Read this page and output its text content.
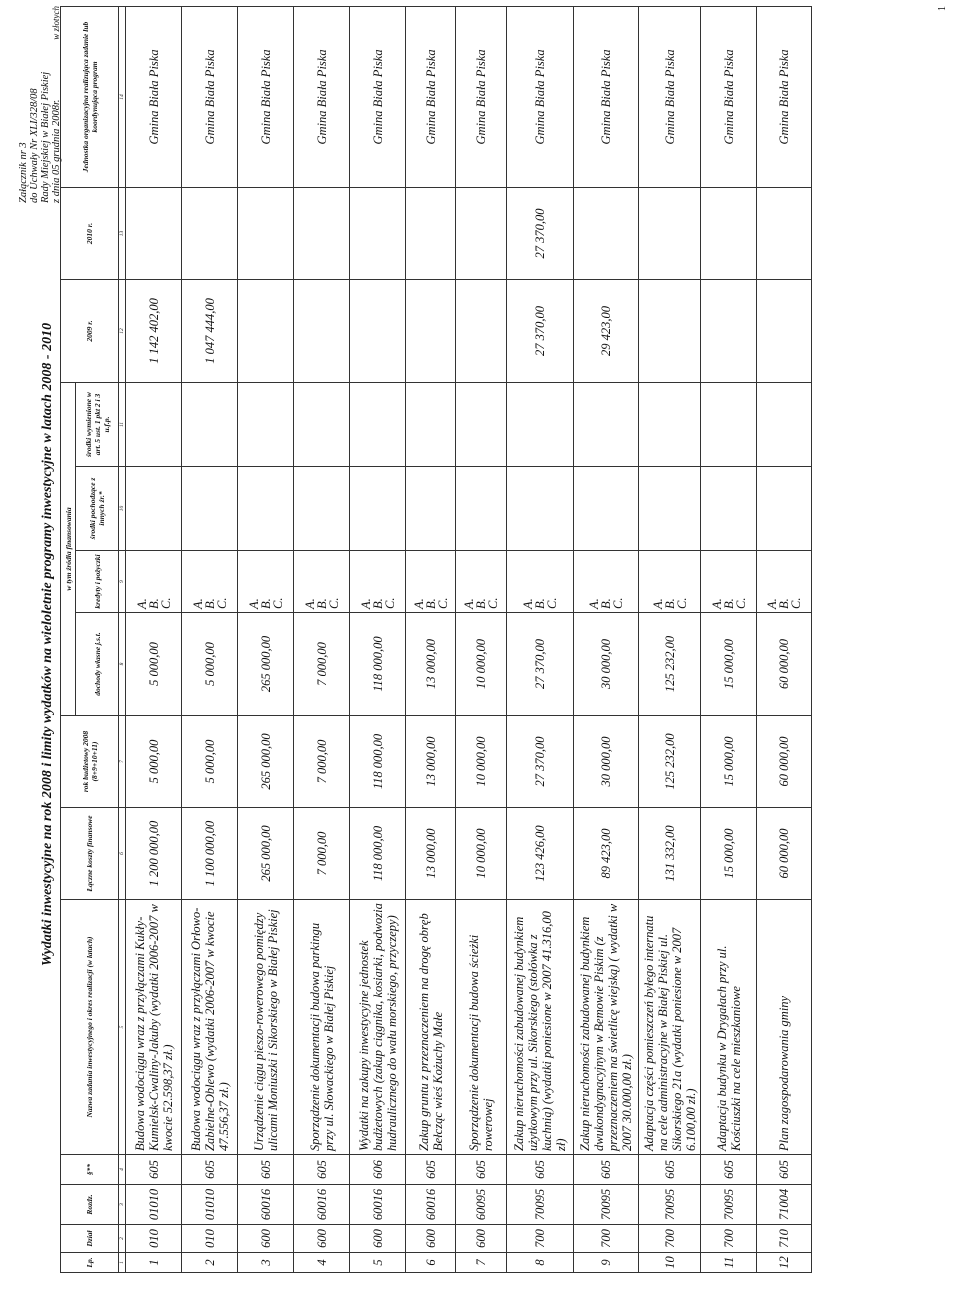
Załącznik nr 3 do Uchwały Nr XLI/328/08 Rady Miejskiej w Białej Piskiej z dnia 05 grudnia 2008r.
Wydatki inwestycyjne na rok 2008 i limity wydatków na wieloletnie programy inwestycyjne w latach 2008 - 2010
w złotych
Lp.	Dział	Rozdz.	§**	Nazwa zadania inwestycyjnego i okres realizacji (w latach)	Łączne koszty finansowe	rok budżetowy 2008 (8+9+10+11)	w tym źródła finansowania				2009 r.	2010 r.	Jednostka organizacyjna realizująca zadanie lub koordynująca program
							dochody własne j.s.t.	kredyty i pożyczki	środki pochodzące z innych źr.*	środki wymienione w art. 5 ust. 1 pkt 2 i 3 u.f.p.			
1	2	3	4	5	6	7	8	9	10	11	12	13	14
1	010	01010	605	Budowa wodociągu wraz z przyłączami Kukły-Kumielsk-Cwaliny-Jakuby (wydatki 2006-2007 w kwocie 52.598,37 zł.)	1 200 000,00	5 000,00	5 000,00	A.
B.
C.			1 142 402,00		Gmina Biała Piska
2	010	01010	605	Budowa wodociągu wraz z przyłączami Orłowo-Zabielne-Oblewo (wydatki 2006-2007 w kwocie 47.556,37 zł.)	1 100 000,00	5 000,00	5 000,00	A.
B.
C.			1 047 444,00		Gmina Biała Piska
3	600	60016	605	Urządzenie ciągu pieszo-rowerowego pomiędzy ulicami Moniuszki i Sikorskiego w Białej Piskiej	265 000,00	265 000,00	265 000,00	A.
B.
C.					Gmina Biała Piska
4	600	60016	605	Sporządzenie dokumentacji budowa parkingu przy ul. Słowackiego w Białej Piskiej	7 000,00	7 000,00	7 000,00	A.
B.
C.					Gmina Biała Piska
5	600	60016	606	Wydatki na zakupy inwestycyjne jednostek budżetowych (zakup ciągnika, kosiarki, podwozia hudraulicznego do wału morskiego, przyczepy)	118 000,00	118 000,00	118 000,00	A.
B.
C.					Gmina Biała Piska
6	600	60016	605	Zakup gruntu z przeznaczeniem na drogę obręb Bełcząc wieś Kożuchy Małe	13 000,00	13 000,00	13 000,00	A.
B.
C.					Gmina Biała Piska
7	600	60095	605	Sporządzenie dokumentacji budowa ścieżki rowerowej	10 000,00	10 000,00	10 000,00	A.
B.
C.					Gmina Biała Piska
8	700	70095	605	Zakup nieruchomości zabudowanej budynkiem użytkowym przy ul. Sikorskiego (stołówka z kuchnią) (wydatki poniesione w 2007 41.316,00 zł)	123 426,00	27 370,00	27 370,00	A.
B.
C.			27 370,00	27 370,00	Gmina Biała Piska
9	700	70095	605	Zakup nieruchomości zabudowanej budynkiem dwukondygnacyjnym w Bemowie Piskim (z przeznaczeniem na świetlicę wiejską) ( wydatki w 2007 30.000,00 zł.)	89 423,00	30 000,00	30 000,00	A.
B.
C.			29 423,00		Gmina Biała Piska
10	700	70095	605	Adaptacja części pomieszczeń byłego internatu na cele administracyjne w Białej Piskiej ul. Sikorskiego 21a (wydatki poniesione w 2007 6.100,00 zł.)	131 332,00	125 232,00	125 232,00	A.
B.
C.					Gmina Biała Piska
11	700	70095	605	Adaptacja budynku w Drygałach przy ul. Kościuszki na cele mieszkaniowe	15 000,00	15 000,00	15 000,00	A.
B.
C.					Gmina Biała Piska
12	710	71004	605	Plan zagospodarowania gminy	60 000,00	60 000,00	60 000,00	A.
B.
C.					Gmina Biała Piska
1
